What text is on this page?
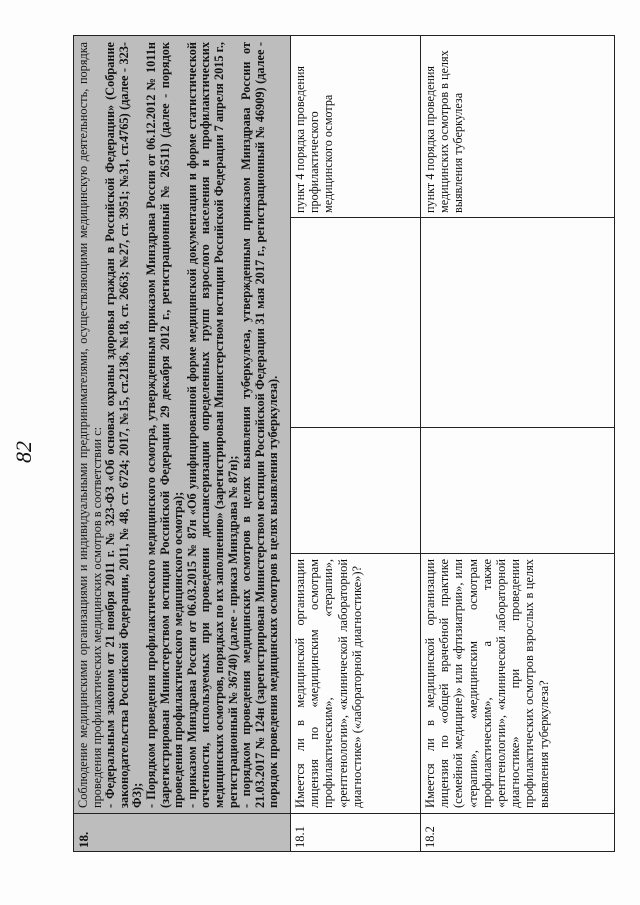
82
18.

Соблюдение медицинскими организациями и индивидуальными предпринимателями, осуществляющими медицинскую деятельность, порядка проведения профилактических медицинских осмотров в соответствии с: - Федеральным законом от 21 ноября 2011 г. № 323-ФЗ «Об основах охраны здоровья граждан в Российской Федерации» (Собрание законодательства Российской Федерации, 2011, № 48, ст. 6724; 2017, №15, ст.2136, №18, ст. 2663; №27, ст. 3951; №31, ст.4765) (далее - 323-ФЗ); - Порядком проведения профилактического медицинского осмотра, утвержденным приказом Минздрава России от 06.12.2012 № 1011н (зарегистрирован Министерством юстиции Российской Федерации 29 декабря 2012 г., регистрационный № 26511) (далее - порядок проведения профилактического медицинского осмотра); - приказом Минздрава России от 06.03.2015 № 87н «Об унифицированной форме медицинской документации и форме статистической отчетности, используемых при проведении диспансеризации определенных групп взрослого населения и профилактических медицинских осмотров, порядках по их заполнению» (зарегистрирован Министерством юстиции Российской Федерации 7 апреля 2015 г., регистрационный № 36740) (далее - приказ Минздрава № 87н); - порядком проведения медицинских осмотров в целях выявления туберкулеза, утвержденным приказом Минздрава России от 21.03.2017 № 124н (зарегистрирован Министерством юстиции Российской Федерации 31 мая 2017 г., регистрационный № 46909) (далее - порядок проведения медицинских осмотров в целях выявления туберкулеза).

18.1
Имеется ли в медицинской организации лицензия по «медицинским осмотрам профилактическим», «терапии», «рентгенологии», «клинической лабораторной диагностике» («лабораторной диагностике»)?
пункт 4 порядка проведения профилактического медицинского осмотра
18.2
Имеется ли в медицинской организации лицензия по «общей врачебной практике (семейной медицине)» или «фтизиатрии», или «терапии», «медицинским осмотрам профилактическим», а также «рентгенологии», «клинической лабораторной диагностике» при проведении профилактических осмотров взрослых в целях выявления туберкулеза?
пункт 4 порядка проведения медицинских осмотров в целях выявления туберкулеза
